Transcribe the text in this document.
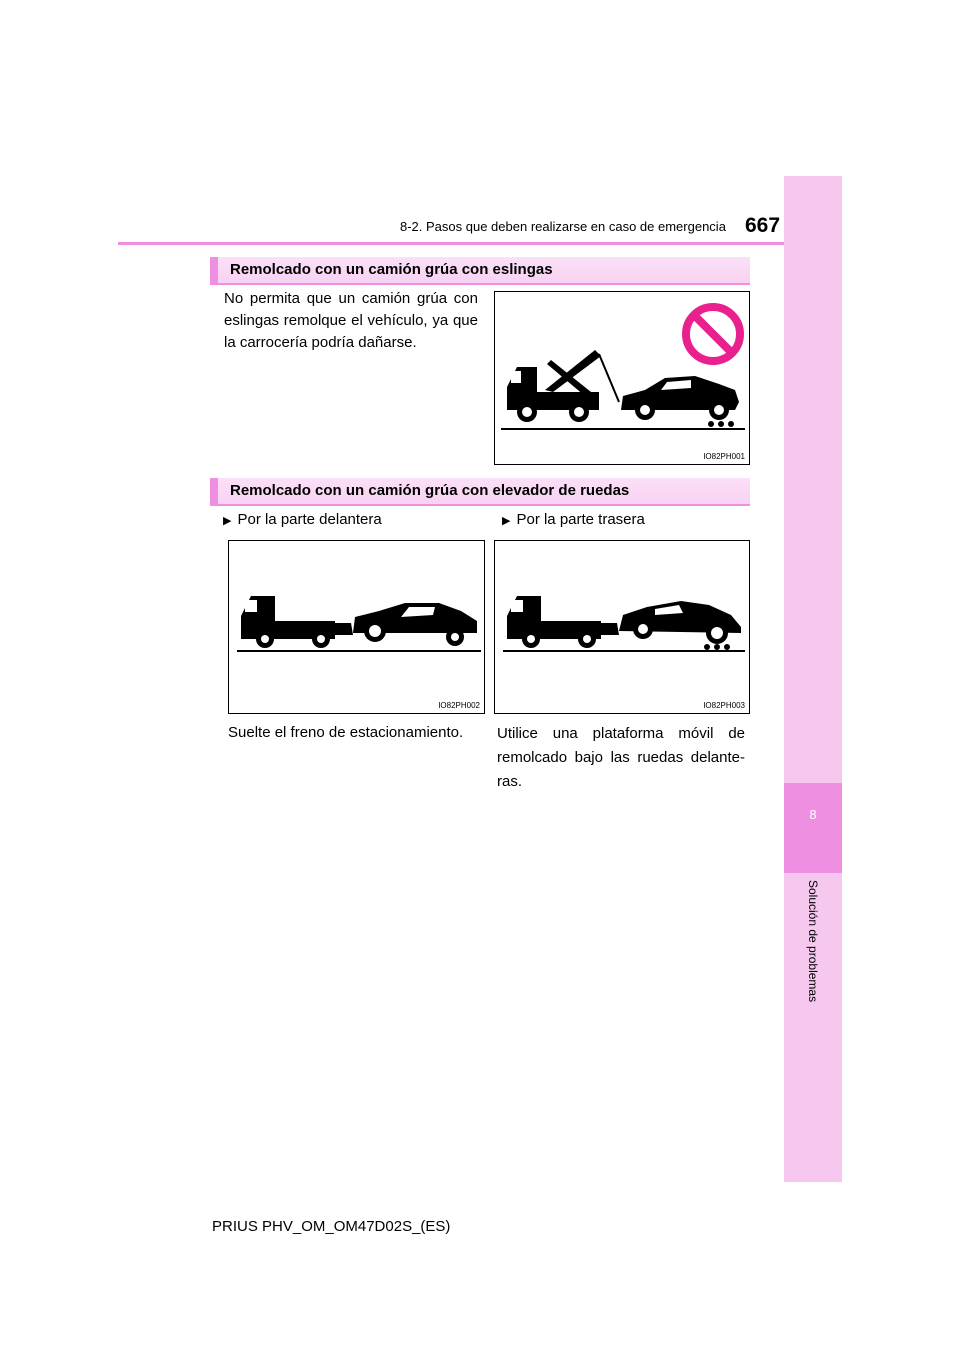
8-2. Pasos que deben realizarse en caso de emergencia 667
8
Solución de problemas
Remolcado con un camión grúa con eslingas
No permita que un camión grúa con eslingas remolque el vehículo, ya que la carrocería podría dañarse.
IO82PH001
Remolcado con un camión grúa con elevador de ruedas
▶ Por la parte delantera	▶ Por la parte trasera
IO82PH002	IO82PH003
Suelte el freno de estacionamiento.	Utilice una plataforma móvil de remolcado bajo las ruedas delante-ras.
PRIUS PHV_OM_OM47D02S_(ES)
